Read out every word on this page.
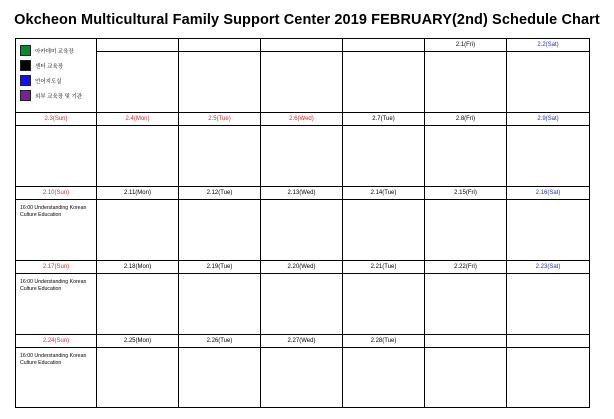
Okcheon Multicultural Family Support Center 2019 FEBRUARY(2nd) Schedule Chart
아카데미 교육장
센터 교육장
언어지도실
외부 교육장 및 기관					2.1(Fri)	2.2(Sat)

2.3(Sun)	2.4(Mon)	2.5(Tue)	2.6(Wed)	2.7(Tue)	2.8(Fri)	2.9(Sat)

2.10(Sun)	2.11(Mon)	2.12(Tue)	2.13(Wed)	2.14(Tue)	2.15(Fri)	2.16(Sat)

16:00 Understanding Korean Culture Education						

2.17(Sun)	2.18(Mon)	2.19(Tue)	2.20(Wed)	2.21(Tue)	2.22(Fri)	2.23(Sat)

16:00 Understanding Korean Culture Education						

2.24(Sun)	2.25(Mon)	2.26(Tue)	2.27(Wed)	2.28(Tue)		

16:00 Understanding Korean Culture Education						
